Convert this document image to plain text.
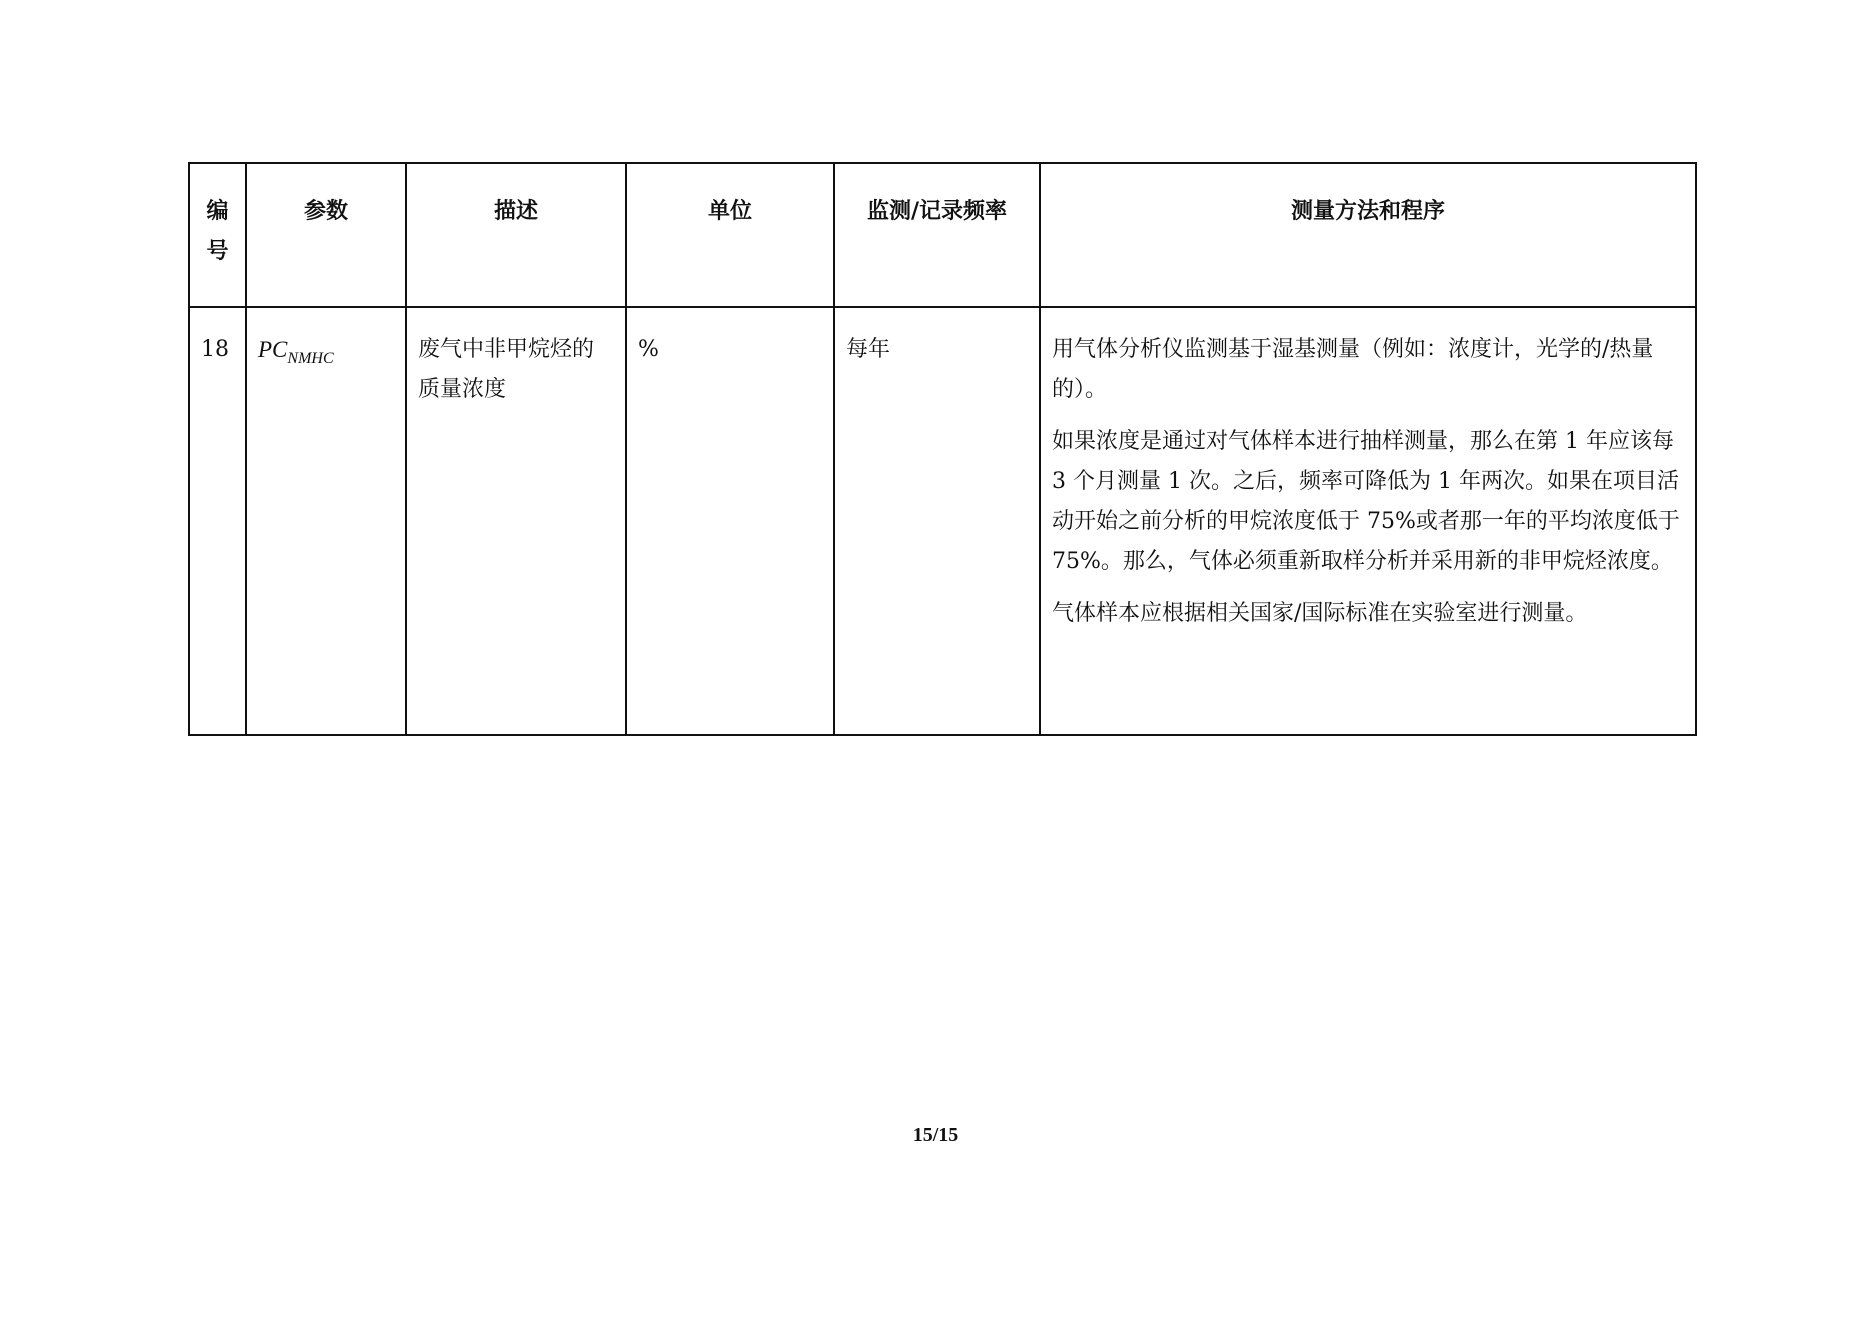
编
号	参数	描述	单位	监测/记录频率	测量方法和程序
18	$PC_{NMHC}$	废气中非甲烷烃的质量浓度	%	每年	用气体分析仪监测基于湿基测量（例如：浓度计，光学的/热量的）。

如果浓度是通过对气体样本进行抽样测量，那么在第 1 年应该每 3 个月测量 1 次。之后，频率可降低为 1 年两次。如果在项目活动开始之前分析的甲烷浓度低于 75%或者那一年的平均浓度低于 75%。那么，气体必须重新取样分析并采用新的非甲烷烃浓度。

气体样本应根据相关国家/国际标准在实验室进行测量。

15/15
